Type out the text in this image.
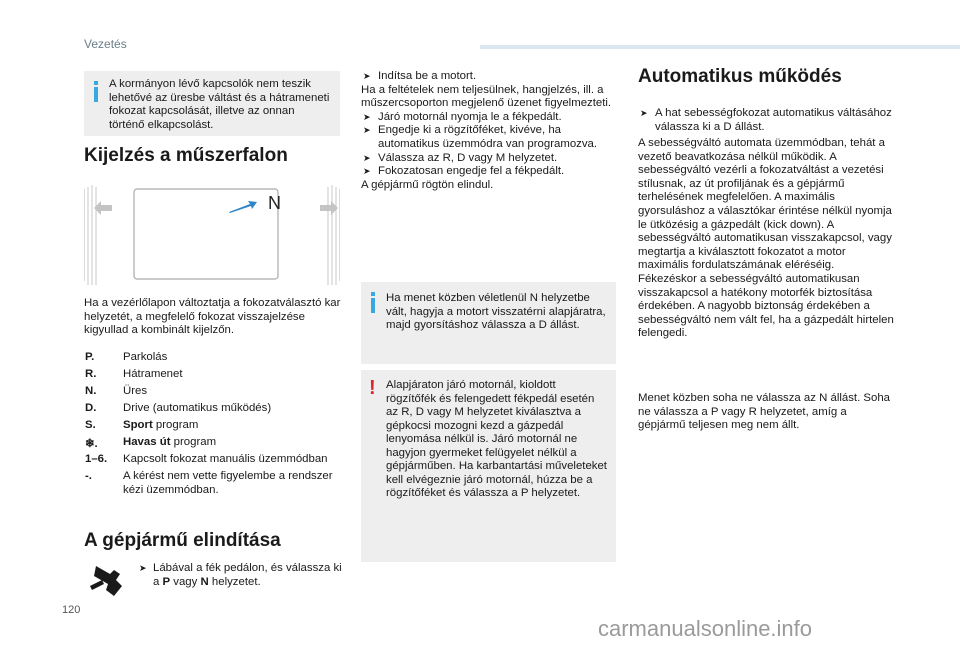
Vezetés
A kormányon lévő kapcsolók nem teszik lehetővé az üresbe váltást és a hátrameneti fokozat kapcsolását, illetve az onnan történő elkapcsolást.
Kijelzés a műszerfalon
N
Ha a vezérlőlapon változtatja a fokozatválasztó kar helyzetét, a megfelelő fokozat visszajelzése kigyullad a kombinált kijelzőn.
P.	Parkolás
R.	Hátramenet
N.	Üres
D.	Drive (automatikus működés)
S.	Sport program
❄.	Havas út program
1–6.	Kapcsolt fokozat manuális üzemmódban
-.	A kérést nem vette figyelembe a rendszer kézi üzemmódban.
A gépjármű elindítása
➤ Lábával a fék pedálon, és válassza ki a P vagy N helyzetet.
➤ Indítsa be a motort.
Ha a feltételek nem teljesülnek, hangjelzés, ill. a műszercsoporton megjelenő üzenet figyelmezteti.
➤ Járó motornál nyomja le a fékpedált.
➤ Engedje ki a rögzítőféket, kivéve, ha automatikus üzemmódra van programozva.
➤ Válassza az R, D vagy M helyzetet.
➤ Fokozatosan engedje fel a fékpedált.
A gépjármű rögtön elindul.
Ha menet közben véletlenül N helyzetbe vált, hagyja a motort visszatérni alapjáratra, majd gyorsításhoz válassza a D állást.
! Alapjáraton járó motornál, kioldott rögzítőfék és felengedett fékpedál esetén az R, D vagy M helyzetet kiválasztva a gépkocsi mozogni kezd a gázpedál lenyomása nélkül is. Járó motornál ne hagyjon gyermeket felügyelet nélkül a gépjárműben. Ha karbantartási műveleteket kell elvégeznie járó motornál, húzza be a rögzítőféket és válassza a P helyzetet.
Automatikus működés
➤ A hat sebességfokozat automatikus váltásához válassza ki a D állást.
A sebességváltó automata üzemmódban, tehát a vezető beavatkozása nélkül működik. A sebességváltó vezérli a fokozatváltást a vezetési stílusnak, az út profiljának és a gépjármű terhelésének megfelelően. A maximális gyorsuláshoz a választókar érintése nélkül nyomja le ütközésig a gázpedált (kick down). A sebességváltó automatikusan visszakapcsol, vagy megtartja a kiválasztott fokozatot a motor maximális fordulatszámának eléréséig. Fékezéskor a sebességváltó automatikusan visszakapcsol a hatékony motorfék biztosítása érdekében. A nagyobb biztonság érdekében a sebességváltó nem vált fel, ha a gázpedált hirtelen felengedi.
Menet közben soha ne válassza az N állást. Soha ne válassza a P vagy R helyzetet, amíg a gépjármű teljesen meg nem állt.
120
carmanualsonline.info
